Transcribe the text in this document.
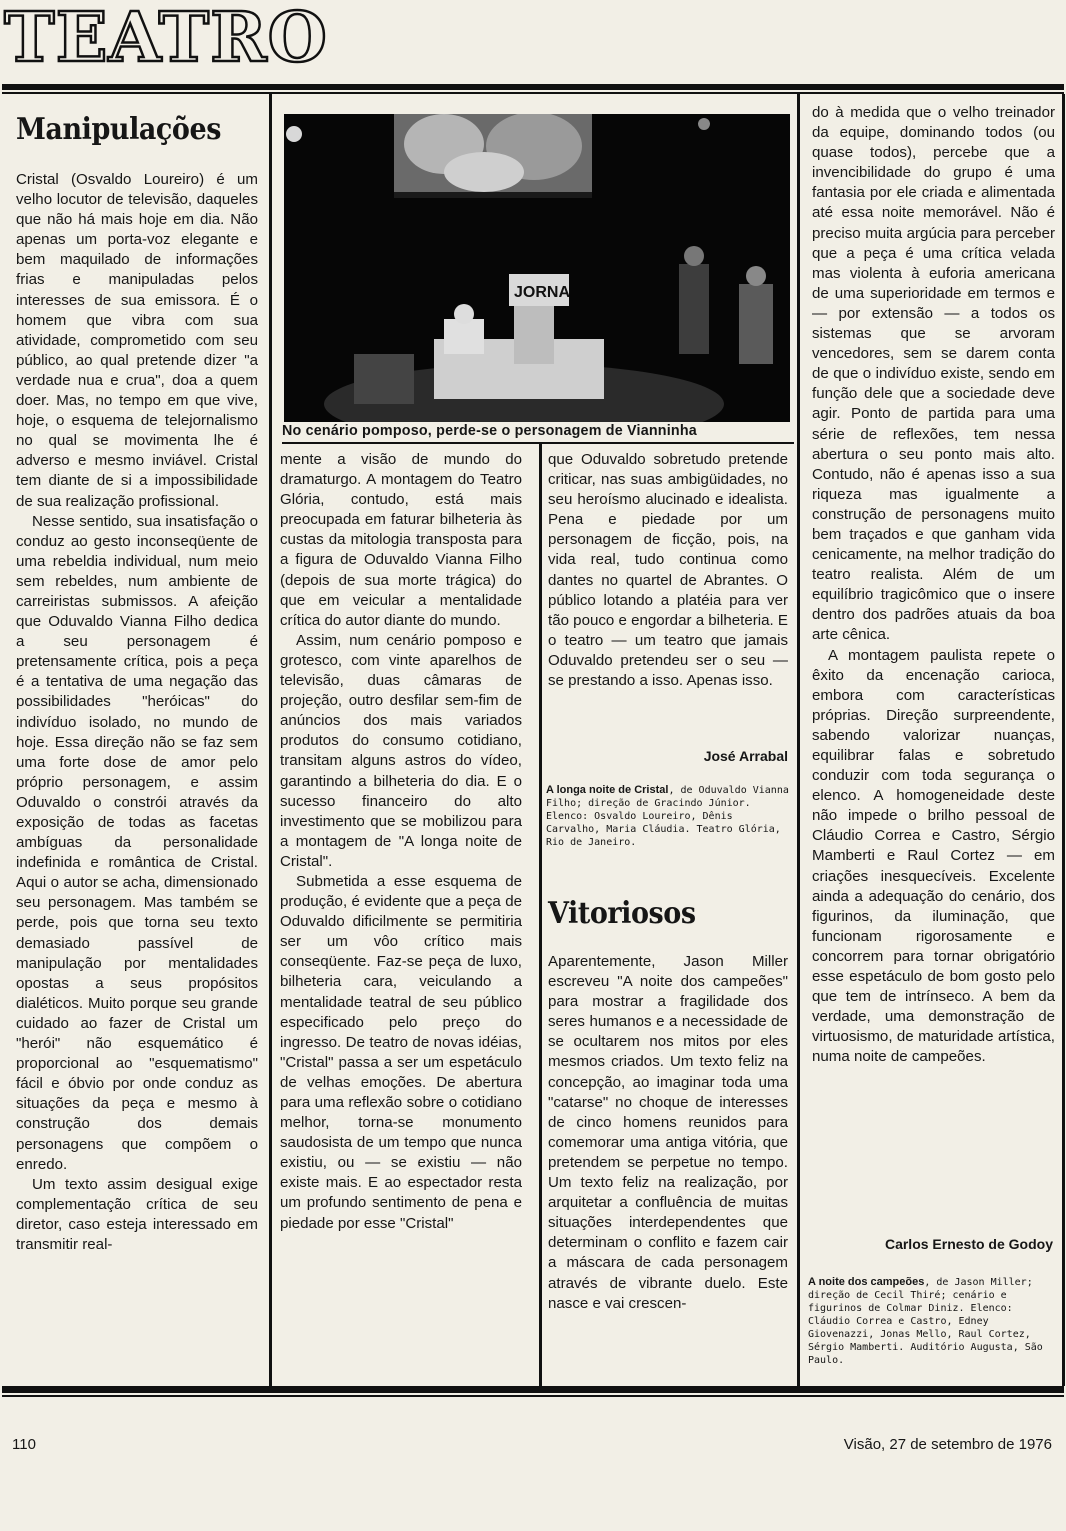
TEATRO
Manipulações

Cristal (Osvaldo Loureiro) é um velho locutor de televisão, daqueles que não há mais hoje em dia. Não apenas um porta-voz elegante e bem maquilado de informações frias e manipuladas pelos interesses de sua emissora. É o homem que vibra com sua atividade, comprometido com seu público, ao qual pretende dizer "a verdade nua e crua", doa a quem doer. Mas, no tempo em que vive, hoje, o esquema de telejornalismo no qual se movimenta lhe é adverso e mesmo inviável. Cristal tem diante de si a impossibilidade de sua realização profissional.

Nesse sentido, sua insatisfação o conduz ao gesto inconseqüente de uma rebeldia individual, num meio sem rebeldes, num ambiente de carreiristas submissos. A afeição que Oduvaldo Vianna Filho dedica a seu personagem é pretensamente crítica, pois a peça é a tentativa de uma negação das possibilidades "heróicas" do indivíduo isolado, no mundo de hoje. Essa direção não se faz sem uma forte dose de amor pelo próprio personagem, e assim Oduvaldo o constrói através da exposição de todas as facetas ambíguas da personalidade indefinida e romântica de Cristal. Aqui o autor se acha, dimensionado seu personagem. Mas também se perde, pois que torna seu texto demasiado passível de manipulação por mentalidades opostas a seus propósitos dialéticos. Muito porque seu grande cuidado ao fazer de Cristal um "herói" não esquemático é proporcional ao "esquematismo" fácil e óbvio por onde conduz as situações da peça e mesmo à construção dos demais personagens que compõem o enredo.

Um texto assim desigual exige complementação crítica de seu diretor, caso esteja interessado em transmitir real-

JORNA
No cenário pomposo, perde-se o personagem de Vianninha

mente a visão de mundo do dramaturgo. A montagem do Teatro Glória, contudo, está mais preocupada em faturar bilheteria às custas da mitologia transposta para a figura de Oduvaldo Vianna Filho (depois de sua morte trágica) do que em veicular a mentalidade crítica do autor diante do mundo.

Assim, num cenário pomposo e grotesco, com vinte aparelhos de televisão, duas câmaras de projeção, outro desfilar sem-fim de anúncios dos mais variados produtos do consumo cotidiano, transitam alguns astros do vídeo, garantindo a bilheteria do dia. E o sucesso financeiro do alto investimento que se mobilizou para a montagem de "A longa noite de Cristal".

Submetida a esse esquema de produção, é evidente que a peça de Oduvaldo dificilmente se permitiria ser um vôo crítico mais conseqüente. Faz-se peça de luxo, bilheteria cara, veiculando a mentalidade teatral de seu público especificado pelo preço do ingresso. De teatro de novas idéias, "Cristal" passa a ser um espetáculo de velhas emoções. De abertura para uma reflexão sobre o cotidiano melhor, torna-se monumento saudosista de um tempo que nunca existiu, ou — se existiu — não existe mais. E ao espectador resta um profundo sentimento de pena e piedade por esse "Cristal"

que Oduvaldo sobretudo pretende criticar, nas suas ambigüidades, no seu heroísmo alucinado e idealista. Pena e piedade por um personagem de ficção, pois, na vida real, tudo continua como dantes no quartel de Abrantes. O público lotando a platéia para ver tão pouco e engordar a bilheteria. E o teatro — um teatro que jamais Oduvaldo pretendeu ser o seu — se prestando a isso. Apenas isso.

José Arrabal
A longa noite de Cristal, de Oduvaldo Vianna Filho; direção de Gracindo Júnior. Elenco: Osvaldo Loureiro, Dênis Carvalho, Maria Cláudia. Teatro Glória, Rio de Janeiro.
Vitoriosos

Aparentemente, Jason Miller escreveu "A noite dos campeões" para mostrar a fragilidade dos seres humanos e a necessidade de se ocultarem nos mitos por eles mesmos criados. Um texto feliz na concepção, ao imaginar toda uma "catarse" no choque de interesses de cinco homens reunidos para comemorar uma antiga vitória, que pretendem se perpetue no tempo. Um texto feliz na realização, por arquitetar a confluência de muitas situações interdependentes que determinam o conflito e fazem cair a máscara de cada personagem através de vibrante duelo. Este nasce e vai crescen-

do à medida que o velho treinador da equipe, dominando todos (ou quase todos), percebe que a invencibilidade do grupo é uma fantasia por ele criada e alimentada até essa noite memorável. Não é preciso muita argúcia para perceber que a peça é uma crítica velada mas violenta à euforia americana de uma superioridade em termos e — por extensão — a todos os sistemas que se arvoram vencedores, sem se darem conta de que o indivíduo existe, sendo em função dele que a sociedade deve agir. Ponto de partida para uma série de reflexões, tem nessa abertura o seu ponto mais alto. Contudo, não é apenas isso a sua riqueza mas igualmente a construção de personagens muito bem traçados e que ganham vida cenicamente, na melhor tradição do teatro realista. Além de um equilíbrio tragicômico que o insere dentro dos padrões atuais da boa arte cênica.

A montagem paulista repete o êxito da encenação carioca, embora com características próprias. Direção surpreendente, sabendo valorizar nuanças, equilibrar falas e sobretudo conduzir com toda segurança o elenco. A homogeneidade deste não impede o brilho pessoal de Cláudio Correa e Castro, Sérgio Mamberti e Raul Cortez — em criações inesquecíveis. Excelente ainda a adequação do cenário, dos figurinos, da iluminação, que funcionam rigorosamente e concorrem para tornar obrigatório esse espetáculo de bom gosto pelo que tem de intrínseco. A bem da verdade, uma demonstração de virtuosismo, de maturidade artística, numa noite de campeões.

Carlos Ernesto de Godoy
A noite dos campeões, de Jason Miller; direção de Cecil Thiré; cenário e figurinos de Colmar Diniz. Elenco: Cláudio Correa e Castro, Edney Giovenazzi, Jonas Mello, Raul Cortez, Sérgio Mamberti. Auditório Augusta, São Paulo.
110	Visão, 27 de setembro de 1976
